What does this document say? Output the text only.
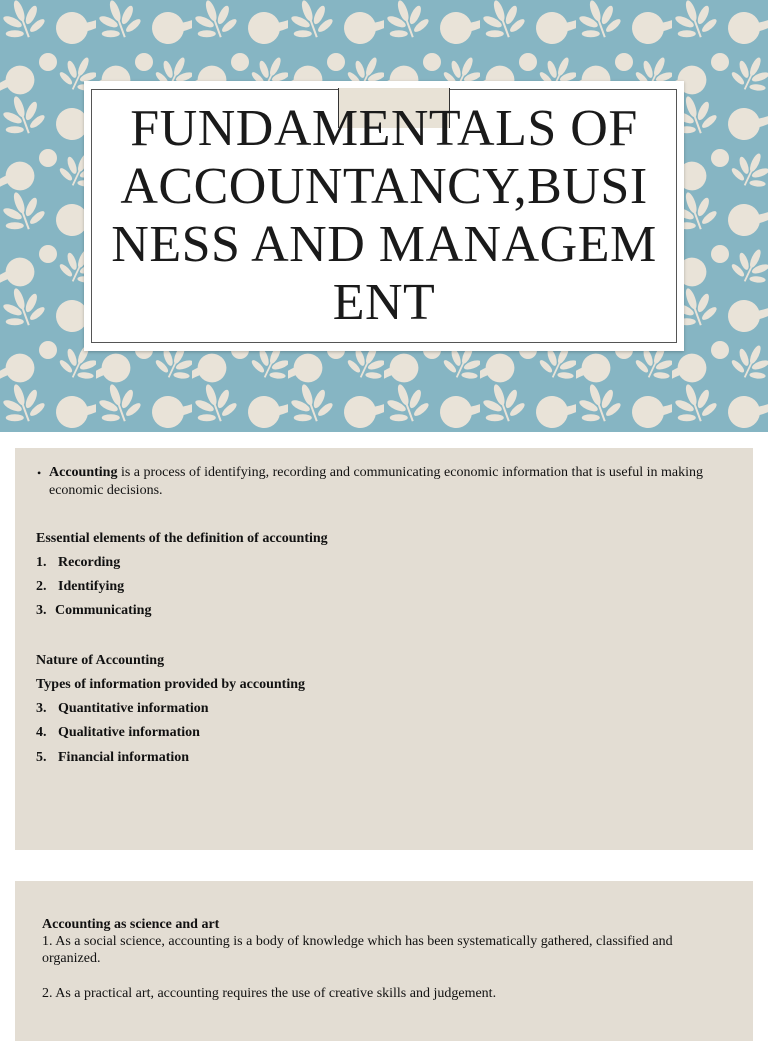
FUNDAMENTALS OF ACCOUNTANCY,BUSINESS AND MANAGEMENT
• Accounting is a process of identifying, recording and communicating economic information that is useful in making economic decisions.
Essential elements of the definition of accounting
1. Recording
2. Identifying
3. Communicating
Nature of Accounting
Types of information provided by accounting
3. Quantitative information
4. Qualitative information
5. Financial information
Accounting as science and art
1. As a social science, accounting is a body of knowledge which has been systematically gathered, classified and organized.
2. As a practical art, accounting requires the use of creative skills and judgement.
